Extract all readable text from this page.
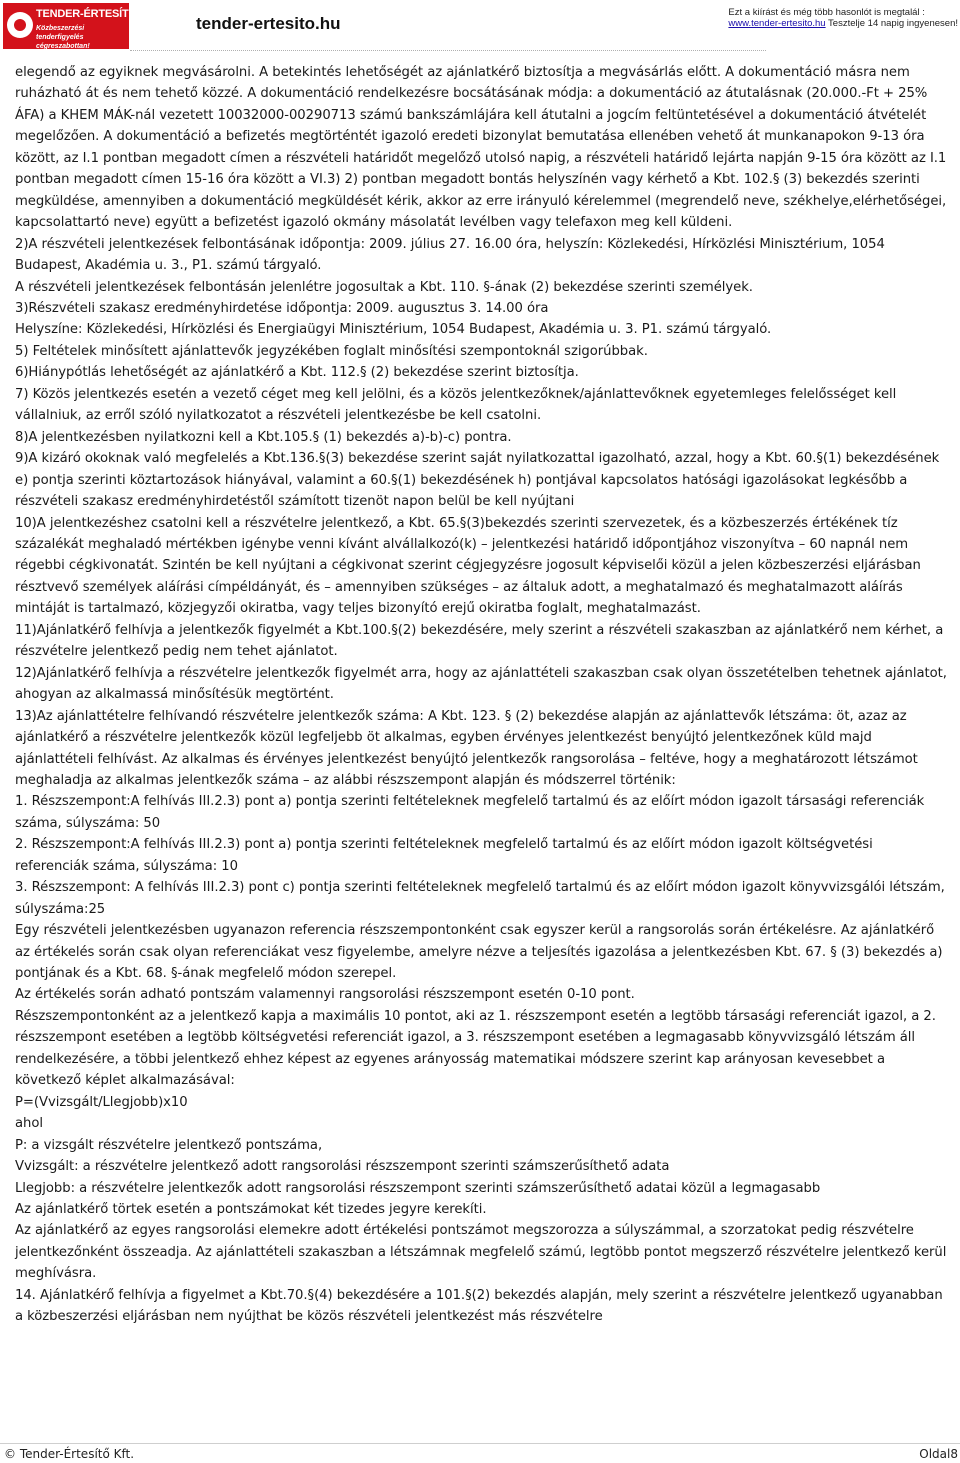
TENDER-ÉRTESÍTŐ.hu
Közbeszerzési tenderfigyelés cégreszabottan!
tender-ertesito.hu
Ezt a kiírást és még több hasonlót is megtalál :
www.tender-ertesito.hu Tesztelje 14 napig ingyenesen!

elegendő az egyiknek megvásárolni. A betekintés lehetőségét az ajánlatkérő biztosítja a megvásárlás előtt. A dokumentáció másra nem ruházható át és nem tehető közzé. A dokumentáció rendelkezésre bocsátásának módja: a dokumentáció az átutalásnak (20.000.-Ft + 25% ÁFA) a KHEM MÁK-nál vezetett 10032000-00290713 számú bankszámlájára kell átutalni a jogcím feltüntetésével a dokumentáció átvételét megelőzően. A dokumentáció a befizetés megtörténtét igazoló eredeti bizonylat bemutatása ellenében vehető át munkanapokon 9-13 óra között, az I.1 pontban megadott címen a részvételi határidőt megelőző utolsó napig, a részvételi határidő lejárta napján 9-15 óra között az I.1 pontban megadott címen 15-16 óra között a VI.3) 2) pontban megadott bontás helyszínén vagy kérhető a Kbt. 102.§ (3) bekezdés szerinti megküldése, amennyiben a dokumentáció megküldését kérik, akkor az erre irányuló kérelemmel (megrendelő neve, székhelye,elérhetőségei, kapcsolattartó neve) együtt a befizetést igazoló okmány másolatát levélben vagy telefaxon meg kell küldeni.

2)A részvételi jelentkezések felbontásának időpontja: 2009. július 27. 16.00 óra, helyszín: Közlekedési, Hírközlési Minisztérium, 1054 Budapest, Akadémia u. 3., P1. számú tárgyaló.

A részvételi jelentkezések felbontásán jelenlétre jogosultak a Kbt. 110. §-ának (2) bekezdése szerinti személyek.

3)Részvételi szakasz eredményhirdetése időpontja: 2009. augusztus 3. 14.00 óra

Helyszíne: Közlekedési, Hírközlési és Energiaügyi Minisztérium, 1054 Budapest, Akadémia u. 3. P1. számú tárgyaló.

5) Feltételek minősített ajánlattevők jegyzékében foglalt minősítési szempontoknál szigorúbbak.

6)Hiánypótlás lehetőségét az ajánlatkérő a Kbt. 112.§ (2) bekezdése szerint biztosítja.

7) Közös jelentkezés esetén a vezető céget meg kell jelölni, és a közös jelentkezőknek/ajánlattevőknek egyetemleges felelősséget kell vállalniuk, az erről szóló nyilatkozatot a részvételi jelentkezésbe be kell csatolni.

8)A jelentkezésben nyilatkozni kell a Kbt.105.§ (1) bekezdés a)-b)-c) pontra.

9)A kizáró okoknak való megfelelés a Kbt.136.§(3) bekezdése szerint saját nyilatkozattal igazolható, azzal, hogy a Kbt. 60.§(1) bekezdésének e) pontja szerinti köztartozások hiányával, valamint a 60.§(1) bekezdésének h) pontjával kapcsolatos hatósági igazolásokat legkésőbb a részvételi szakasz eredményhirdetéstől számított tizenöt napon belül be kell nyújtani

10)A jelentkezéshez csatolni kell a részvételre jelentkező, a Kbt. 65.§(3)bekezdés szerinti szervezetek, és a közbeszerzés értékének tíz százalékát meghaladó mértékben igénybe venni kívánt alvállalkozó(k) – jelentkezési határidő időpontjához viszonyítva – 60 napnál nem régebbi cégkivonatát. Szintén be kell nyújtani a cégkivonat szerint cégjegyzésre jogosult képviselői közül a jelen közbeszerzési eljárásban résztvevő személyek aláírási címpéldányát, és – amennyiben szükséges – az általuk adott, a meghatalmazó és meghatalmazott aláírás mintáját is tartalmazó, közjegyzői okiratba, vagy teljes bizonyító erejű okiratba foglalt, meghatalmazást.

11)Ajánlatkérő felhívja a jelentkezők figyelmét a Kbt.100.§(2) bekezdésére, mely szerint a részvételi szakaszban az ajánlatkérő nem kérhet, a részvételre jelentkező pedig nem tehet ajánlatot.

12)Ajánlatkérő felhívja a részvételre jelentkezők figyelmét arra, hogy az ajánlattételi szakaszban csak olyan összetételben tehetnek ajánlatot, ahogyan az alkalmassá minősítésük megtörtént.

13)Az ajánlattételre felhívandó részvételre jelentkezők száma: A Kbt. 123. § (2) bekezdése alapján az ajánlattevők létszáma: öt, azaz az ajánlatkérő a részvételre jelentkezők közül legfeljebb öt alkalmas, egyben érvényes jelentkezést benyújtó jelentkezőnek küld majd ajánlattételi felhívást. Az alkalmas és érvényes jelentkezést benyújtó jelentkezők rangsorolása – feltéve, hogy a meghatározott létszámot meghaladja az alkalmas jelentkezők száma – az alábbi részszempont alapján és módszerrel történik:

1. Részszempont:A felhívás III.2.3) pont a) pontja szerinti feltételeknek megfelelő tartalmú és az előírt módon igazolt társasági referenciák száma, súlyszáma: 50

2. Részszempont:A felhívás III.2.3) pont a) pontja szerinti feltételeknek megfelelő tartalmú és az előírt módon igazolt költségvetési referenciák száma, súlyszáma: 10

3. Részszempont: A felhívás III.2.3) pont c) pontja szerinti feltételeknek megfelelő tartalmú és az előírt módon igazolt könyvvizsgálói létszám, súlyszáma:25

Egy részvételi jelentkezésben ugyanazon referencia részszempontonként csak egyszer kerül a rangsorolás során értékelésre. Az ajánlatkérő az értékelés során csak olyan referenciákat vesz figyelembe, amelyre nézve a teljesítés igazolása a jelentkezésben Kbt. 67. § (3) bekezdés a) pontjának és a Kbt. 68. §-ának megfelelő módon szerepel.

Az értékelés során adható pontszám valamennyi rangsorolási részszempont esetén 0-10 pont.

Részszempontonként az a jelentkező kapja a maximális 10 pontot, aki az 1. részszempont esetén a legtöbb társasági referenciát igazol, a 2. részszempont esetében a legtöbb költségvetési referenciát igazol, a 3. részszempont esetében a legmagasabb könyvvizsgáló létszám áll rendelkezésére, a többi jelentkező ehhez képest az egyenes arányosság matematikai módszere szerint kap arányosan kevesebbet a következő képlet alkalmazásával:

P=(Vvizsgált/Llegjobb)x10

ahol

P: a vizsgált részvételre jelentkező pontszáma,

Vvizsgált: a részvételre jelentkező adott rangsorolási részszempont szerinti számszerűsíthető adata

Llegjobb: a részvételre jelentkezők adott rangsorolási részszempont szerinti számszerűsíthető adatai közül a legmagasabb

Az ajánlatkérő törtek esetén a pontszámokat két tizedes jegyre kerekíti.

Az ajánlatkérő az egyes rangsorolási elemekre adott értékelési pontszámot megszorozza a súlyszámmal, a szorzatokat pedig részvételre jelentkezőnként összeadja. Az ajánlattételi szakaszban a létszámnak megfelelő számú, legtöbb pontot megszerző részvételre jelentkező kerül meghívásra.

14. Ajánlatkérő felhívja a figyelmet a Kbt.70.§(4) bekezdésére a 101.§(2) bekezdés alapján, mely szerint a részvételre jelentkező ugyanabban a közbeszerzési eljárásban nem nyújthat be közös részvételi jelentkezést más részvételre

© Tender-Értesítő Kft.	Oldal8
